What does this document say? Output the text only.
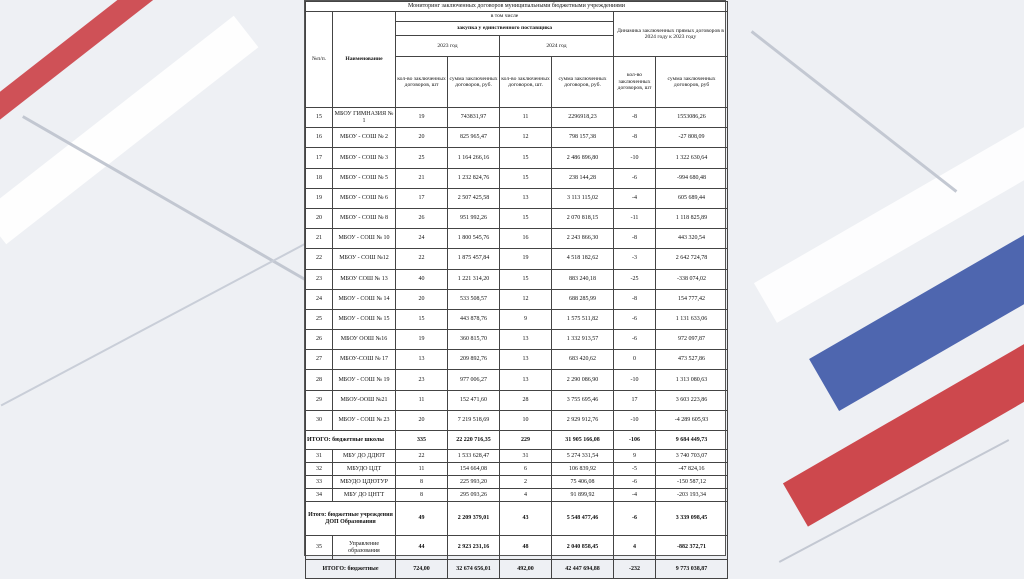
Мониторинг заключенных договоров муниципальными бюджетными учреждениями							
№п/п.	Наименование	в том числе				Динамика заключенных прямых договоров в 2024 году к 2023 году	
		закупка у единственного поставщика					
		2023 год		2024 год			
		кол-во заключенных договоров, шт	сумма заключенных договоров, руб.	кол-во заключенных договоров, шт.	сумма заключенных договоров, руб.	кол-во заключенных договоров, шт	сумма заключенных договоров, руб
15	МБОУ ГИМНАЗИЯ № 1	19	743831,97	11	2296918,23	-8	1553086,26
16	МБОУ - СОШ № 2	20	825 965,47	12	798 157,38	-8	-27 808,09
17	МБОУ - СОШ № 3	25	1 164 266,16	15	2 486 896,80	-10	1 322 630,64
18	МБОУ - СОШ № 5	21	1 232 824,76	15	238 144,28	-6	-994 680,48
19	МБОУ - СОШ № 6	17	2 507 425,58	13	3 113 115,02	-4	605 689,44
20	МБОУ - СОШ № 8	26	951 992,26	15	2 070 818,15	-11	1 118 825,89
21	МБОУ - СОШ № 10	24	1 800 545,76	16	2 243 866,30	-8	443 320,54
22	МБОУ - СОШ №12	22	1 875 457,84	19	4 518 182,62	-3	2 642 724,78
23	МБОУ СОШ № 13	40	1 221 314,20	15	883 240,18	-25	-338 074,02
24	МБОУ - СОШ № 14	20	533 508,57	12	688 285,99	-8	154 777,42
25	МБОУ - СОШ № 15	15	443 878,76	9	1 575 511,82	-6	1 131 633,06
26	МБОУ ООШ №16	19	360 815,70	13	1 332 913,57	-6	972 097,87
27	МБОУ-СОШ № 17	13	209 892,76	13	683 420,62	0	473 527,86
28	МБОУ - СОШ № 19	23	977 006,27	13	2 290 086,90	-10	1 313 080,63
29	МБОУ-ООШ №21	11	152 471,60	28	3 755 695,46	17	3 603 223,86
30	МБОУ - СОШ № 23	20	7 219 518,69	10	2 929 912,76	-10	-4 289 605,93
ИТОГО: бюджетные школы		335	22 220 716,35	229	31 905 166,08	-106	9 684 449,73
31	МБУ ДО ДДЮТ	22	1 533 628,47	31	5 274 331,54	9	3 740 703,07
32	МБУДО ЦДТ	11	154 664,08	6	106 839,92	-5	-47 824,16
33	МБУДО ЦДЮТУР	8	225 993,20	2	75 406,08	-6	-150 587,12
34	МБУ ДО ЦНТТ	8	295 093,26	4	91 899,92	-4	-203 193,34
Итого: бюджетные учреждения ДОП Образования		49	2 209 379,01	43	5 548 477,46	-6	3 339 098,45
35	Управление образования	44	2 923 231,16	48	2 040 858,45	4	-882 372,71
ИТОГО: бюджетные		724,00	32 674 656,01	492,00	42 447 694,88	-232	9 773 038,87
